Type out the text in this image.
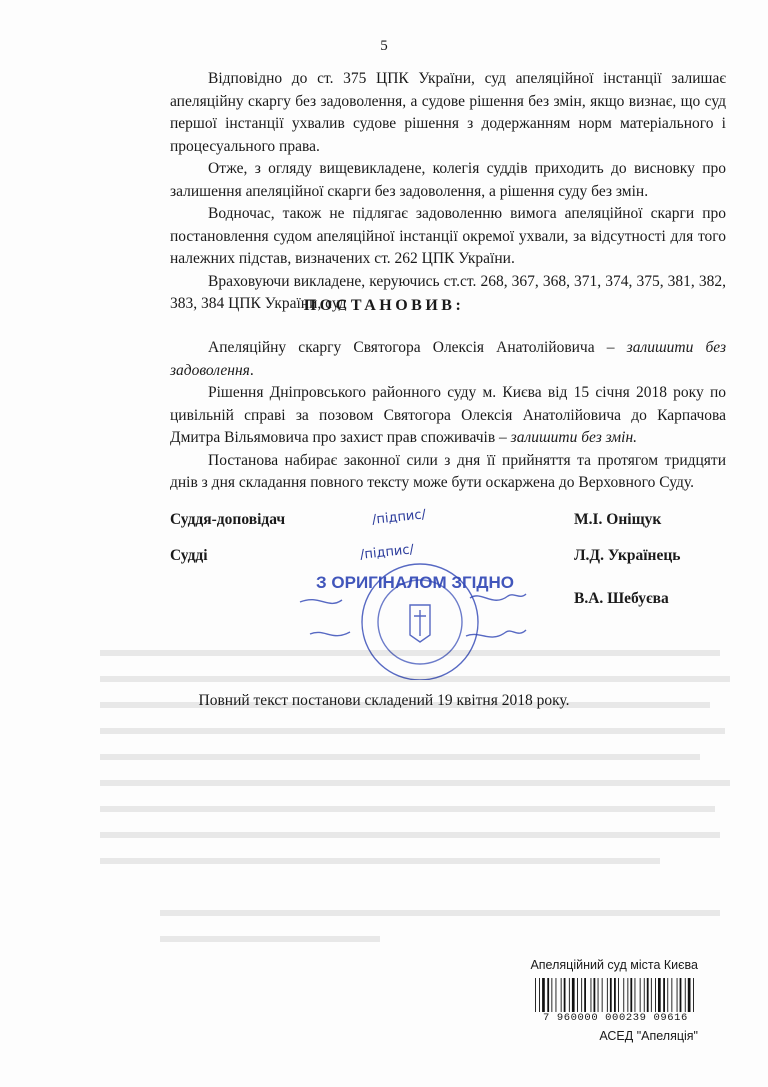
5

Відповідно до ст. 375 ЦПК України, суд апеляційної інстанції залишає апеляційну скаргу без задоволення, а судове рішення без змін, якщо визнає, що суд першої інстанції ухвалив судове рішення з додержанням норм матеріального і процесуального права.

Отже, з огляду вищевикладене, колегія суддів приходить до висновку про залишення апеляційної скарги без задоволення, а рішення суду без змін.

Водночас, також не підлягає задоволенню вимога апеляційної скарги про постановлення судом апеляційної інстанції окремої ухвали, за відсутності для того належних підстав, визначених ст. 262 ЦПК України.

Враховуючи викладене, керуючись ст.ст. 268, 367, 368, 371, 374, 375, 381, 382, 383, 384 ЦПК України, суд

ПОСТАНОВИВ:

Апеляційну скаргу Святогора Олексія Анатолійовича – залишити без задоволення.

Рішення Дніпровського районного суду м. Києва від 15 січня 2018 року по цивільній справі за позовом Святогора Олексія Анатолійовича до Карпачова Дмитра Вільямовича про захист прав споживачів – залишити без змін.

Постанова набирає законної сили з дня її прийняття та протягом тридцяти днів з дня складання повного тексту може бути оскаржена до Верховного Суду.

Суддя-доповідач	М.І. Оніщук
Судді	Л.Д. Українець
В.А. Шебуєва
/підпис/
/підпис/
З ОРИГІНАЛОМ ЗГІДНО
Повний текст постанови складений 19 квітня 2018 року.
Апеляційний суд міста Києва
7 960000 000239 09616
АСЕД "Апеляція"
